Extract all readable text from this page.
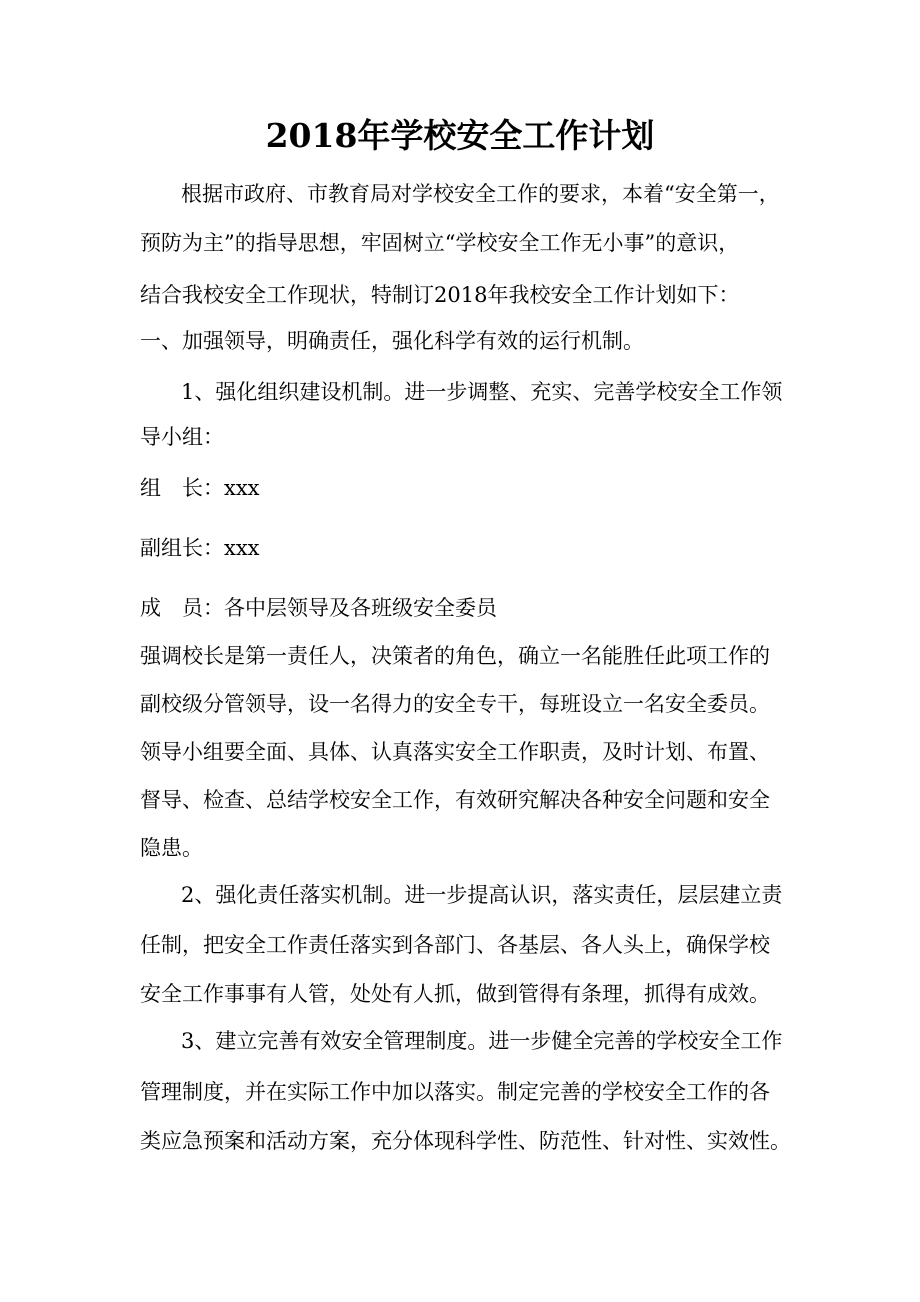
2018年学校安全工作计划
根据市政府、市教育局对学校安全工作的要求，本着“安全第一，
预防为主”的指导思想，牢固树立“学校安全工作无小事”的意识，
结合我校安全工作现状，特制订2018年我校安全工作计划如下：
一、加强领导，明确责任，强化科学有效的运行机制。
1、强化组织建设机制。进一步调整、充实、完善学校安全工作领
导小组：
组　长：xxx
副组长：xxx
成　员：各中层领导及各班级安全委员
强调校长是第一责任人，决策者的角色，确立一名能胜任此项工作的
副校级分管领导，设一名得力的安全专干，每班设立一名安全委员。
领导小组要全面、具体、认真落实安全工作职责，及时计划、布置、
督导、检查、总结学校安全工作，有效研究解决各种安全问题和安全
隐患。
2、强化责任落实机制。进一步提高认识，落实责任，层层建立责
任制，把安全工作责任落实到各部门、各基层、各人头上，确保学校
安全工作事事有人管，处处有人抓，做到管得有条理，抓得有成效。
3、建立完善有效安全管理制度。进一步健全完善的学校安全工作
管理制度，并在实际工作中加以落实。制定完善的学校安全工作的各
类应急预案和活动方案，充分体现科学性、防范性、针对性、实效性。
